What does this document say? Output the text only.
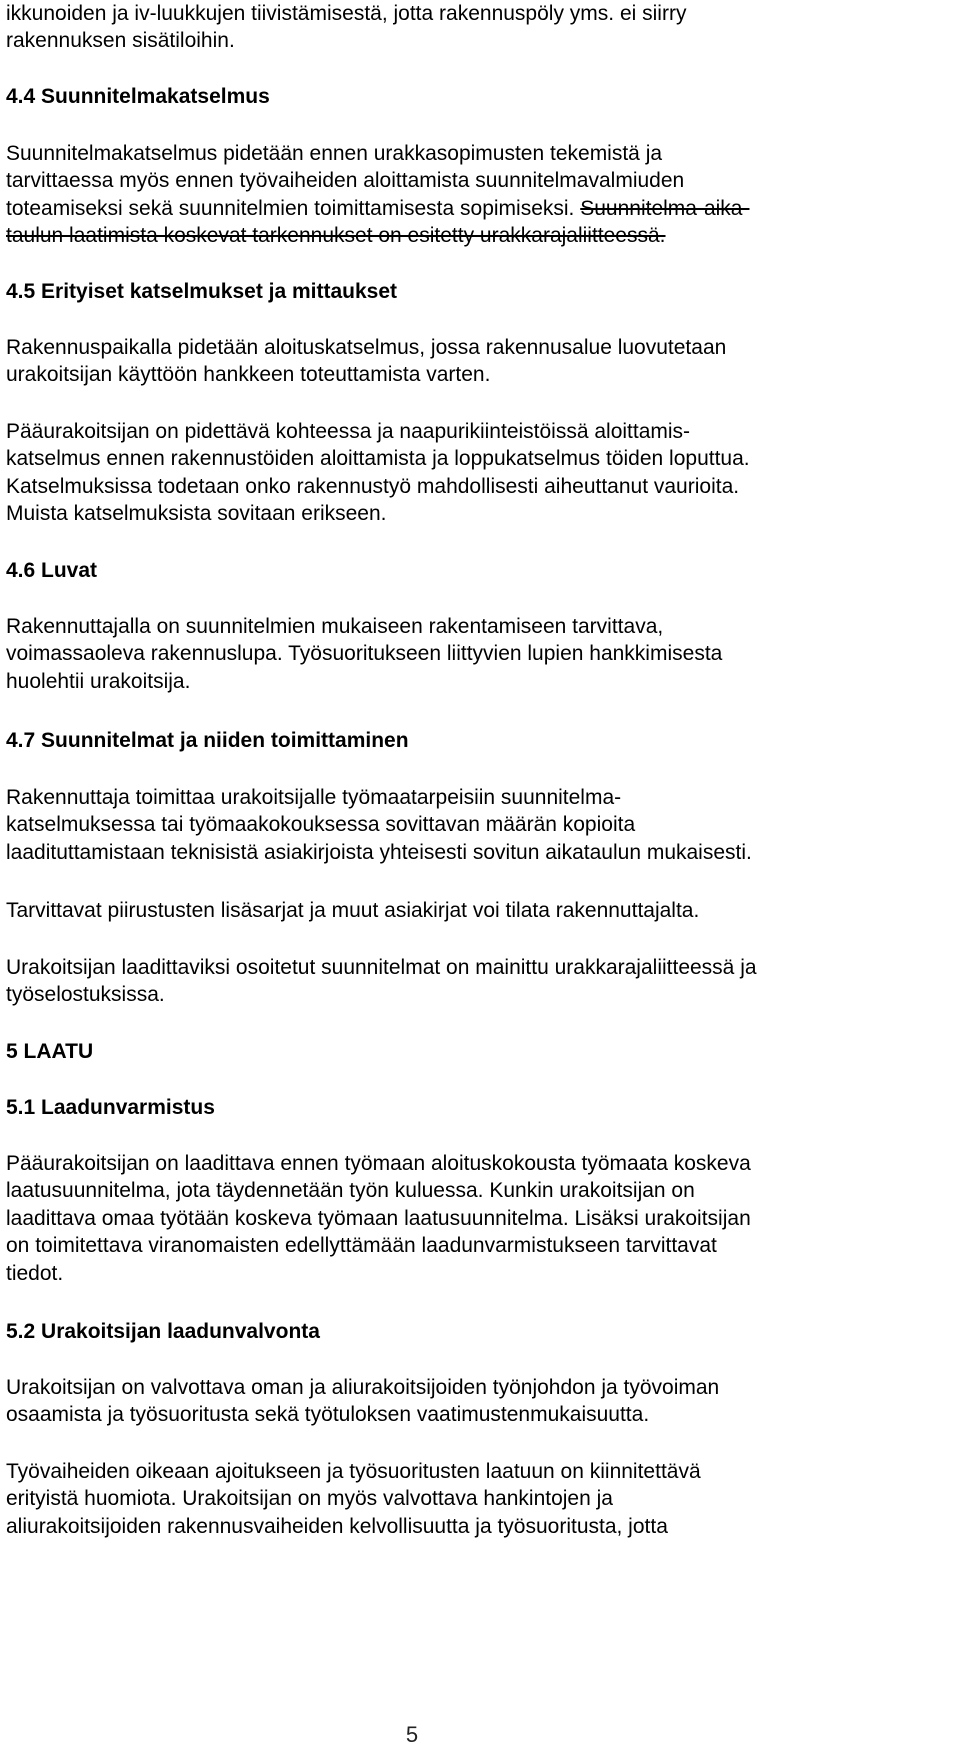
ikkunoiden ja iv-luukkujen tiivistämisestä, jotta rakennuspöly yms. ei siirry
rakennuksen sisätiloihin.
4.4 Suunnitelmakatselmus
Suunnitelmakatselmus pidetään ennen urakkasopimusten tekemistä ja
tarvittaessa myös ennen työvaiheiden aloittamista suunnitelmavalmiuden
toteamiseksi sekä suunnitelmien toimittamisesta sopimiseksi. Suunnitelma-aika-
taulun laatimista koskevat tarkennukset on esitetty urakkarajaliitteessä.
4.5 Erityiset katselmukset ja mittaukset
Rakennuspaikalla pidetään aloituskatselmus, jossa rakennusalue luovutetaan
urakoitsijan käyttöön hankkeen toteuttamista varten.
Pääurakoitsijan on pidettävä kohteessa ja naapurikiinteistöissä aloittamis-
katselmus ennen rakennustöiden aloittamista ja loppukatselmus töiden loputtua.
Katselmuksissa todetaan onko rakennustyö mahdollisesti aiheuttanut vaurioita.
Muista katselmuksista sovitaan erikseen.
4.6 Luvat
Rakennuttajalla on suunnitelmien mukaiseen rakentamiseen tarvittava,
voimassaoleva rakennuslupa. Työsuoritukseen liittyvien lupien hankkimisesta
huolehtii urakoitsija.
4.7 Suunnitelmat ja niiden toimittaminen
Rakennuttaja toimittaa urakoitsijalle työmaatarpeisiin suunnitelma-
katselmuksessa tai työmaakokouksessa sovittavan määrän kopioita
laadituttamistaan teknisistä asiakirjoista yhteisesti sovitun aikataulun mukaisesti.
Tarvittavat piirustusten lisäsarjat ja muut asiakirjat voi tilata rakennuttajalta.
Urakoitsijan laadittaviksi osoitetut suunnitelmat on mainittu urakkarajaliitteessä ja
työselostuksissa.
5 LAATU
5.1 Laadunvarmistus
Pääurakoitsijan on laadittava ennen työmaan aloituskokousta työmaata koskeva
laatusuunnitelma, jota täydennetään työn kuluessa. Kunkin urakoitsijan on
laadittava omaa työtään koskeva työmaan laatusuunnitelma. Lisäksi urakoitsijan
on toimitettava viranomaisten edellyttämään laadunvarmistukseen tarvittavat
tiedot.
5.2 Urakoitsijan laadunvalvonta
Urakoitsijan on valvottava oman ja aliurakoitsijoiden työnjohdon ja työvoiman
osaamista ja työsuoritusta sekä työtuloksen vaatimustenmukaisuutta.
Työvaiheiden oikeaan ajoitukseen ja työsuoritusten laatuun on kiinnitettävä
erityistä huomiota. Urakoitsijan on myös valvottava hankintojen ja
aliurakoitsijoiden rakennusvaiheiden kelvollisuutta ja työsuoritusta, jotta
5
